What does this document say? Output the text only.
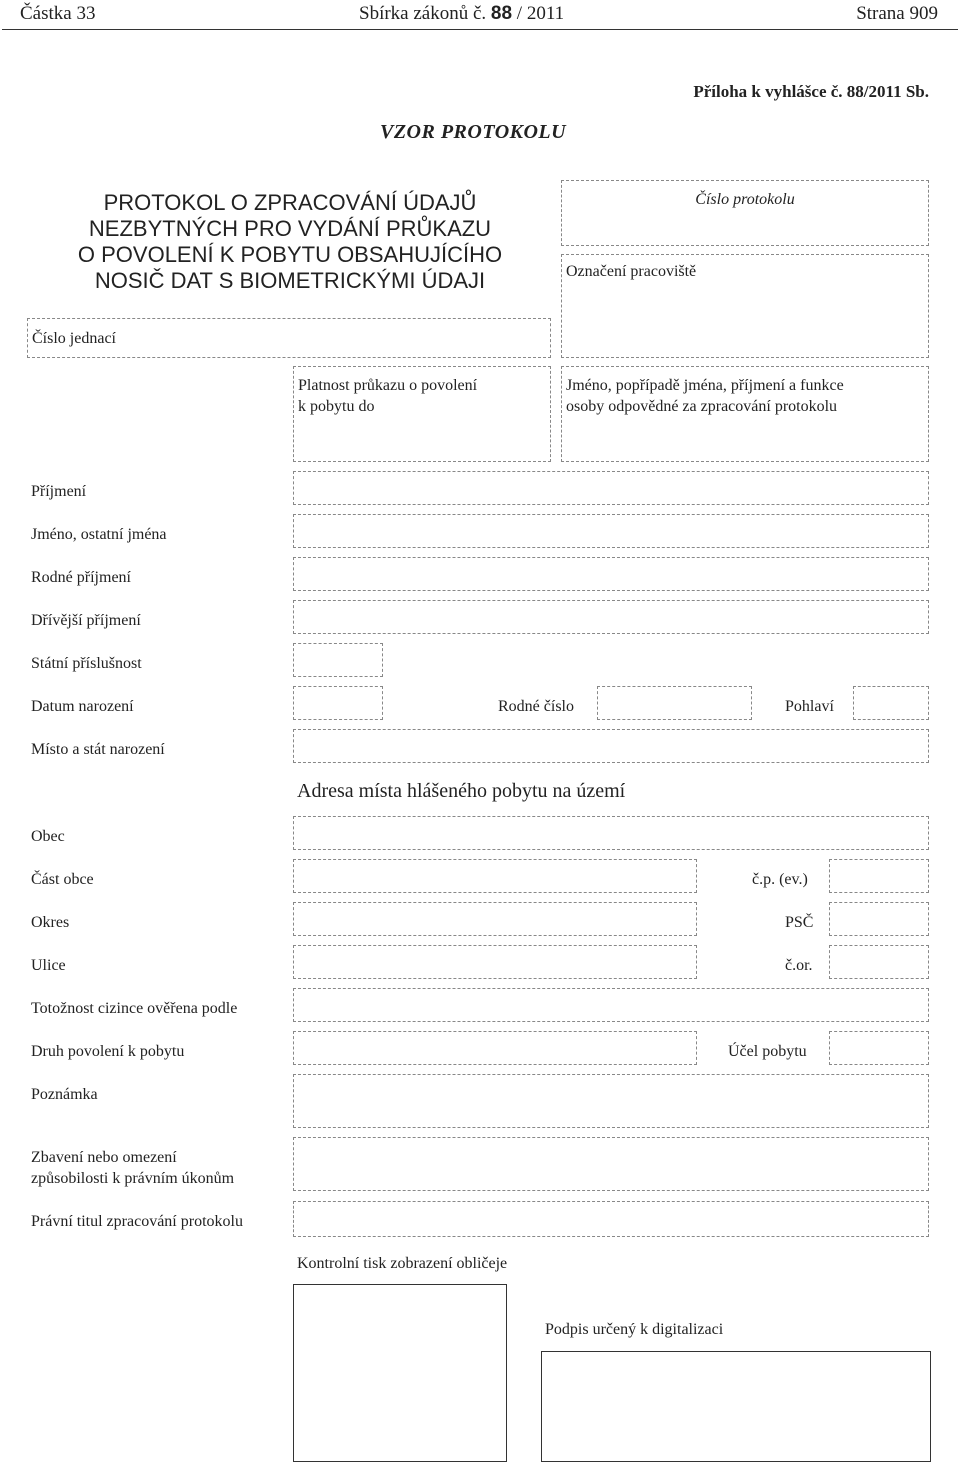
Částka 33	Sbírka zákonů č. 88 / 2011	Strana 909
Příloha k vyhlášce č. 88/2011 Sb.
VZOR PROTOKOLU
PROTOKOL O ZPRACOVÁNÍ ÚDAJŮ
NEZBYTNÝCH PRO VYDÁNÍ PRŮKAZU
O POVOLENÍ K POBYTU OBSAHUJÍCÍHO
NOSIČ DAT S BIOMETRICKÝMI ÚDAJI
Číslo protokolu
Označení pracoviště
Číslo jednací
Platnost průkazu o povolení
k pobytu do
Jméno, popřípadě jména, příjmení a funkce
osoby odpovědné za zpracování protokolu
Příjmení
Jméno, ostatní jména
Rodné příjmení
Dřívější příjmení
Státní příslušnost
Datum narození	Rodné číslo	Pohlaví
Místo a stát narození
Adresa místa hlášeného pobytu na území
Obec
Část obce	č.p. (ev.)
Okres	PSČ
Ulice	č.or.
Totožnost cizince ověřena podle
Druh povolení k pobytu	Účel pobytu
Poznámka
Zbavení nebo omezení
způsobilosti k právním úkonům
Právní titul zpracování protokolu
Kontrolní tisk zobrazení obličeje
Podpis určený k digitalizaci
